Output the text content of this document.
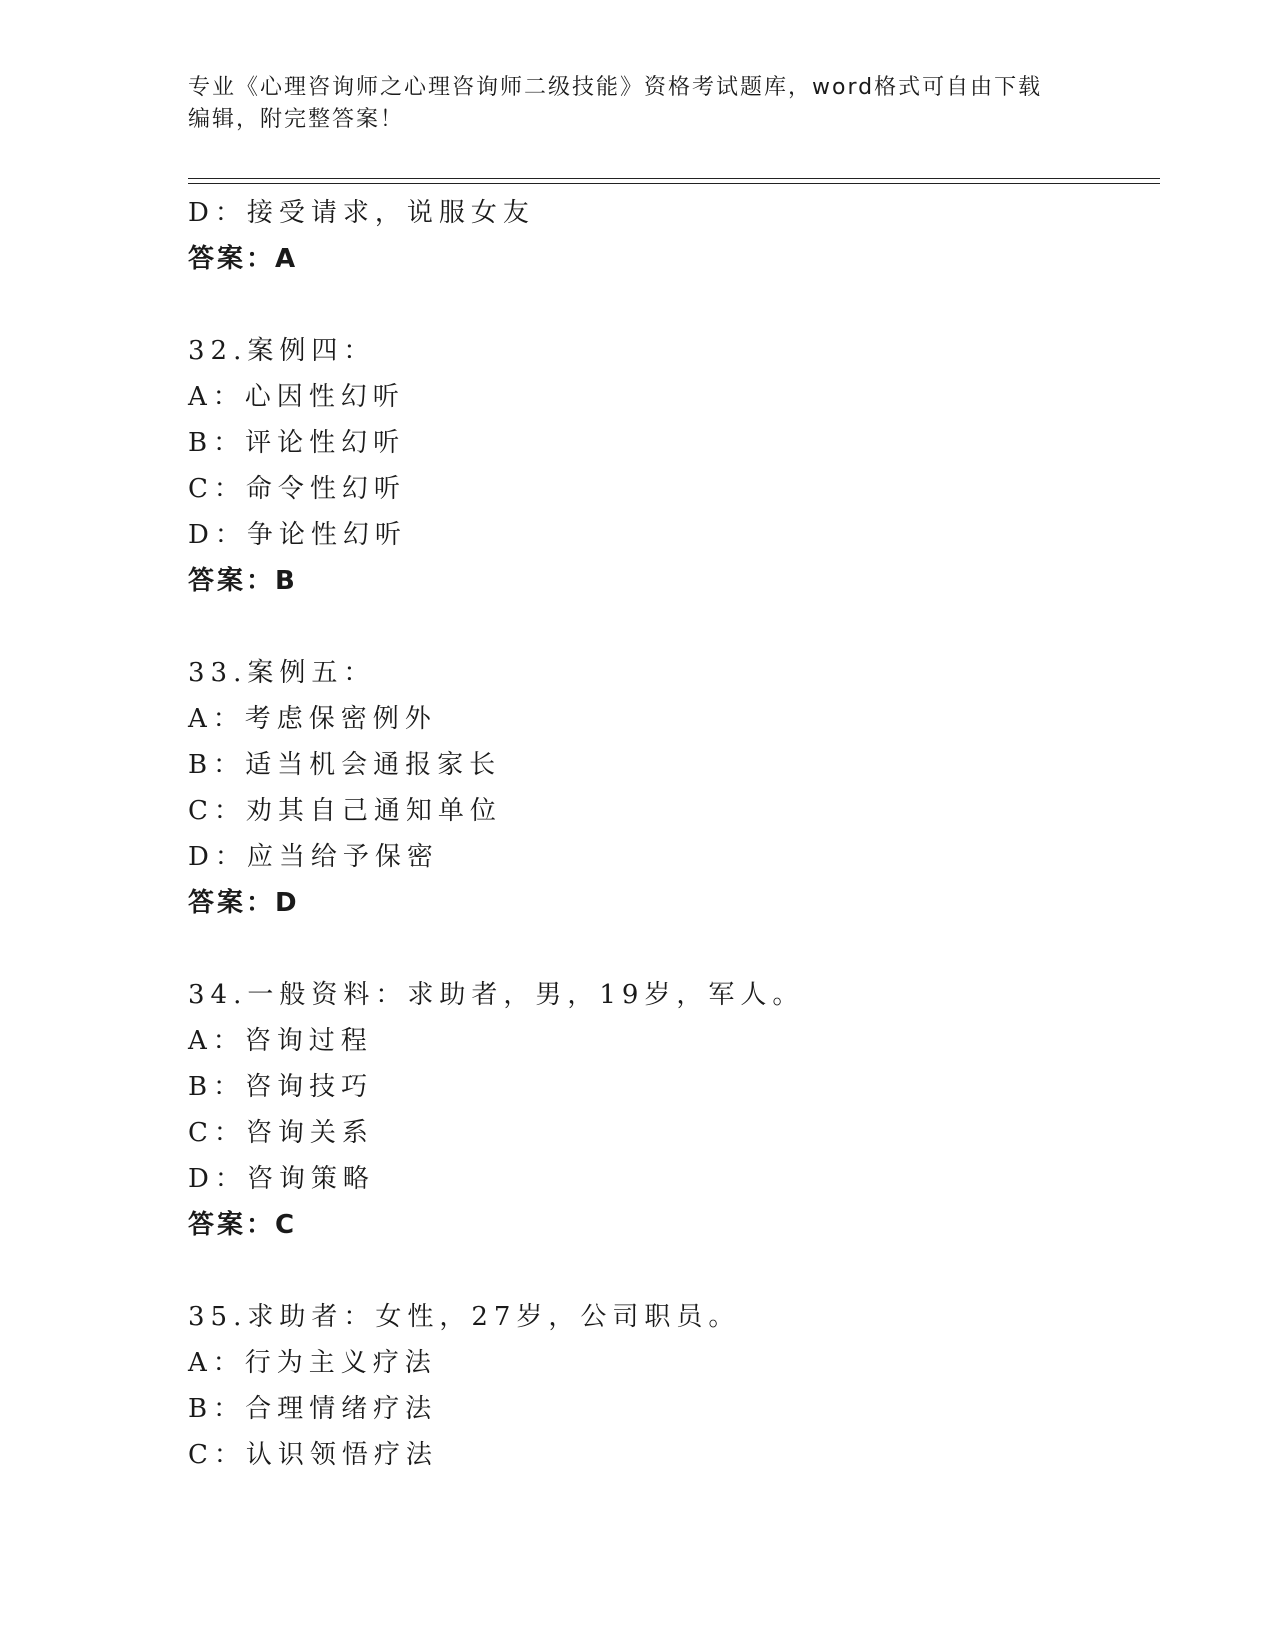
专业《心理咨询师之心理咨询师二级技能》资格考试题库，word格式可自由下载
编辑，附完整答案！
D：接受请求，说服女友
答案：A
32.案例四：
A：心因性幻听
B：评论性幻听
C：命令性幻听
D：争论性幻听
答案：B
33.案例五：
A：考虑保密例外
B：适当机会通报家长
C：劝其自己通知单位
D：应当给予保密
答案：D
34.一般资料：求助者，男，19岁，军人。
A：咨询过程
B：咨询技巧
C：咨询关系
D：咨询策略
答案：C
35.求助者：女性，27岁，公司职员。
A：行为主义疗法
B：合理情绪疗法
C：认识领悟疗法
